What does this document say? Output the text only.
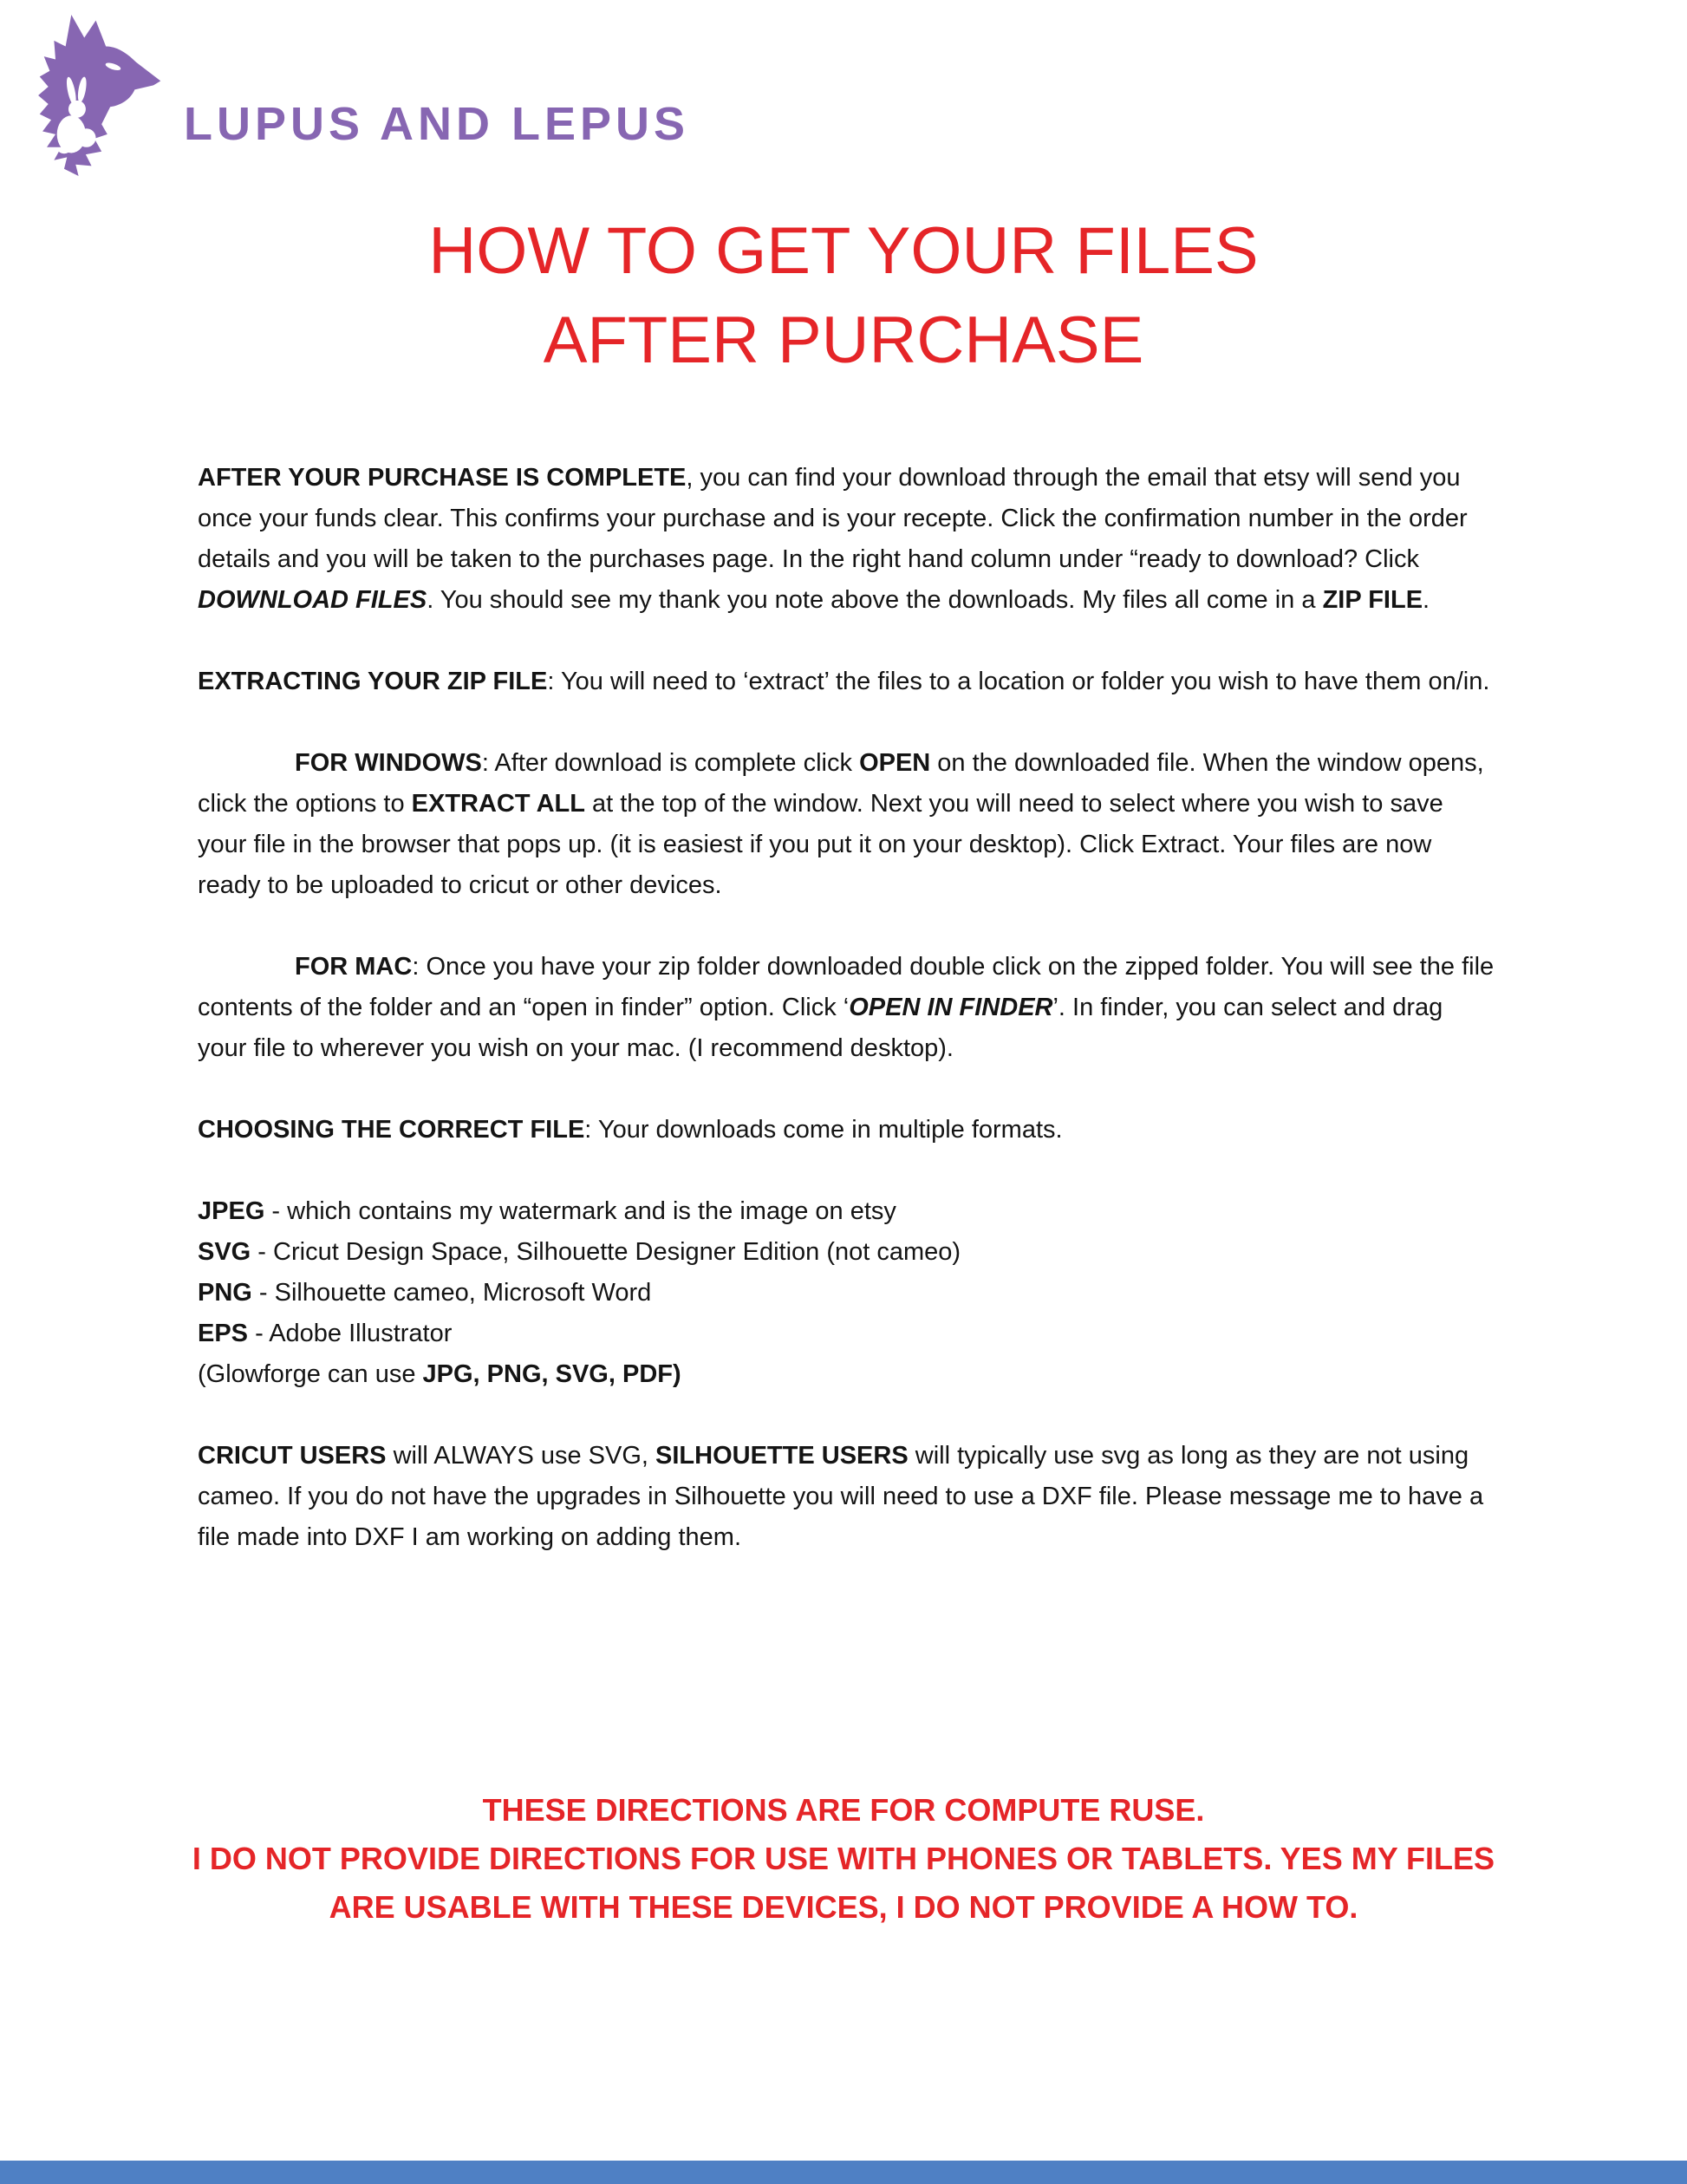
LUPUS AND LEPUS
HOW TO GET YOUR FILES
AFTER PURCHASE

AFTER YOUR PURCHASE IS COMPLETE, you can find your download through the email that etsy will send you once your funds clear. This confirms your purchase and is your recepte. Click the confirmation number in the order details and you will be taken to the purchases page. In the right hand column under “ready to download? Click DOWNLOAD FILES. You should see my thank you note above the downloads. My files all come in a ZIP FILE.

EXTRACTING YOUR ZIP FILE: You will need to ‘extract’ the files to a location or folder you wish to have them on/in.

FOR WINDOWS: After download is complete click OPEN on the downloaded file. When the window opens, click the options to EXTRACT ALL at the top of the window. Next you will need to select where you wish to save your file in the browser that pops up. (it is easiest if you put it on your desktop). Click Extract. Your files are now ready to be uploaded to cricut or other devices.

FOR MAC: Once you have your zip folder downloaded double click on the zipped folder. You will see the file contents of the folder and an “open in finder” option. Click ‘OPEN IN FINDER’. In finder, you can select and drag your file to wherever you wish on your mac. (I recommend desktop).

CHOOSING THE CORRECT FILE: Your downloads come in multiple formats.

JPEG - which contains my watermark and is the image on etsy
SVG - Cricut Design Space, Silhouette Designer Edition (not cameo)
PNG - Silhouette cameo, Microsoft Word
EPS - Adobe Illustrator
(Glowforge can use JPG, PNG, SVG, PDF)

CRICUT USERS will ALWAYS use SVG, SILHOUETTE USERS will typically use svg as long as they are not using cameo. If you do not have the upgrades in Silhouette you will need to use a DXF file. Please message me to have a file made into DXF I am working on adding them.

THESE DIRECTIONS ARE FOR COMPUTE RUSE.
I DO NOT PROVIDE DIRECTIONS FOR USE WITH PHONES OR TABLETS. YES MY FILES
ARE USABLE WITH THESE DEVICES, I DO NOT PROVIDE A HOW TO.
